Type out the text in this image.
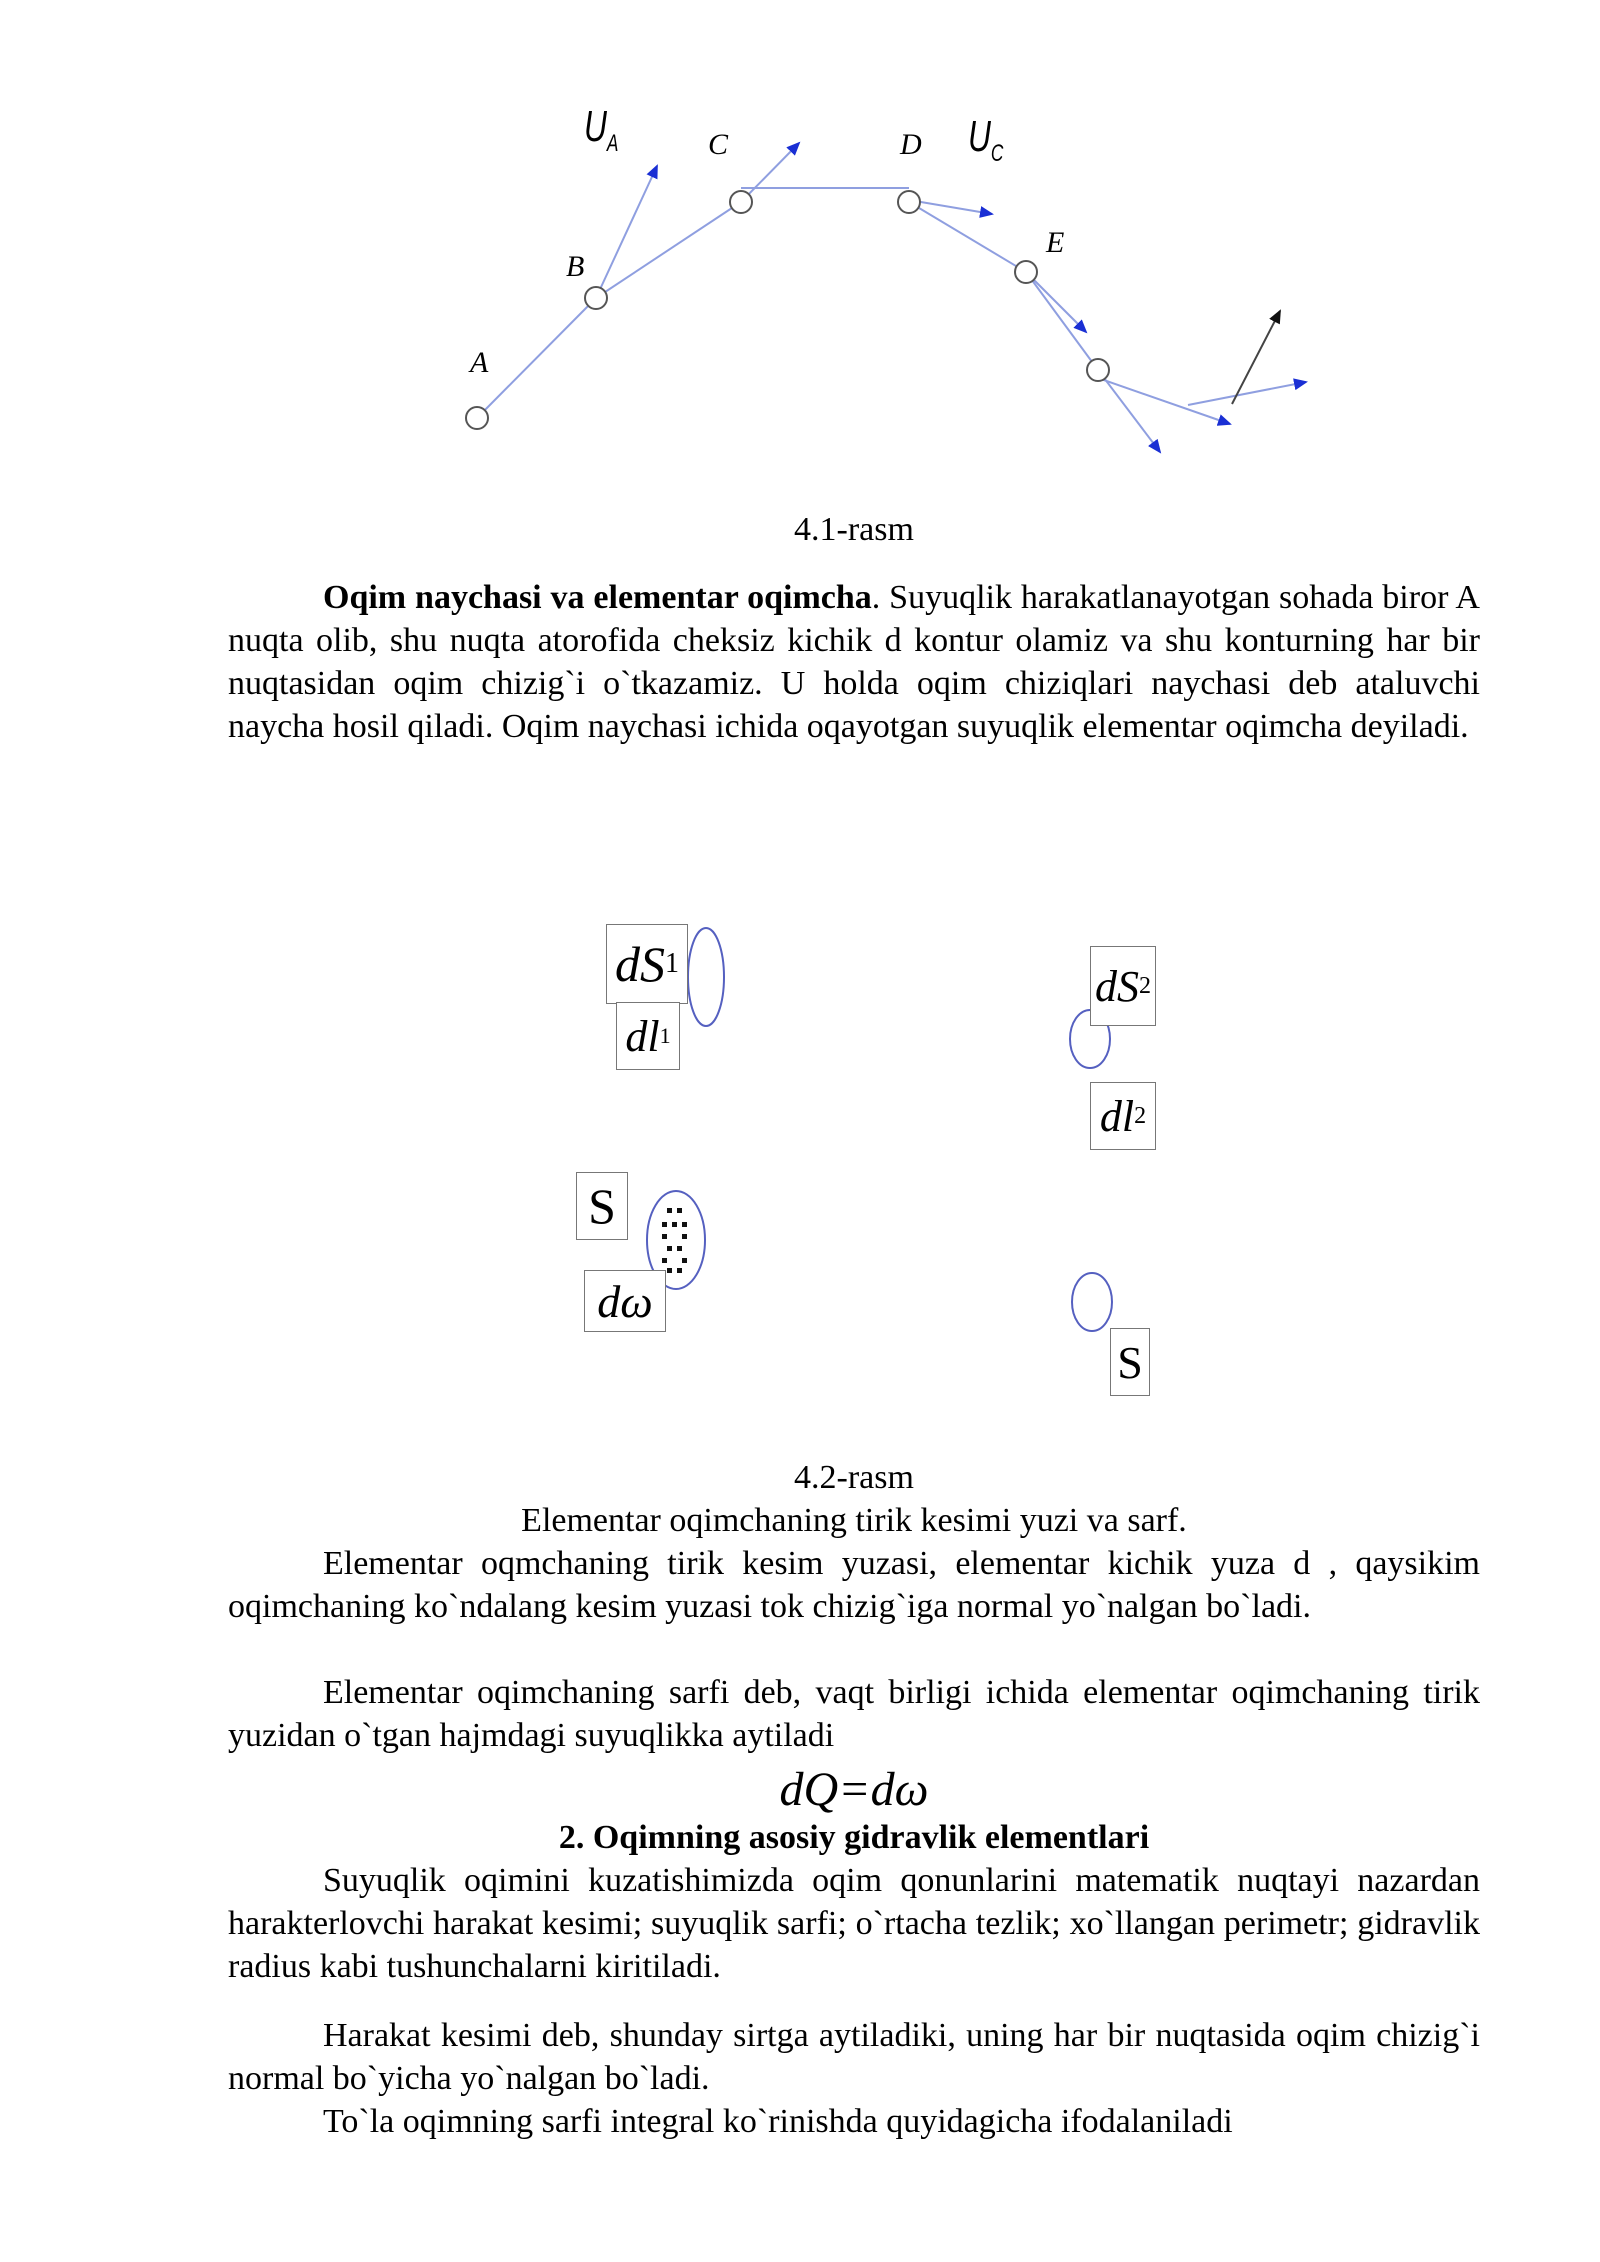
$U_A$	C	D $U_C$
B
E
A
4.1-rasm
Oqim naychasi va elementar oqimcha. Suyuqlik harakatlanayotgan sohada biror A nuqta olib, shu nuqta atorofida cheksiz kichik d kontur olamiz va shu konturning har bir nuqtasidan oqim chizig`i o`tkazamiz. U holda oqim chiziqlari naychasi deb ataluvchi naycha hosil qiladi. Oqim naychasi ichida oqayotgan suyuqlik elementar oqimcha deyiladi.
dS 1
dl 1
dS 2
dl 2
S
dω
S
4.2-rasm
Elementar oqimchaning tirik kesimi yuzi va sarf.
Elementar oqmchaning tirik kesim yuzasi, elementar kichik yuza d , qaysikim oqimchaning ko`ndalang kesim yuzasi tok chizig`iga normal yo`nalgan bo`ladi.
Elementar oqimchaning sarfi deb, vaqt birligi ichida elementar oqimchaning tirik yuzidan o`tgan hajmdagi suyuqlikka aytiladi
dQ=dω
2. Oqimning asosiy gidravlik elementlari
Suyuqlik oqimini kuzatishimizda oqim qonunlarini matematik nuqtayi nazardan harakterlovchi harakat kesimi; suyuqlik sarfi; o`rtacha tezlik; xo`llangan perimetr; gidravlik radius kabi tushunchalarni kiritiladi.
Harakat kesimi deb, shunday sirtga aytiladiki, uning har bir nuqtasida oqim chizig`i normal bo`yicha yo`nalgan bo`ladi.
To`la oqimning sarfi integral ko`rinishda quyidagicha ifodalaniladi
